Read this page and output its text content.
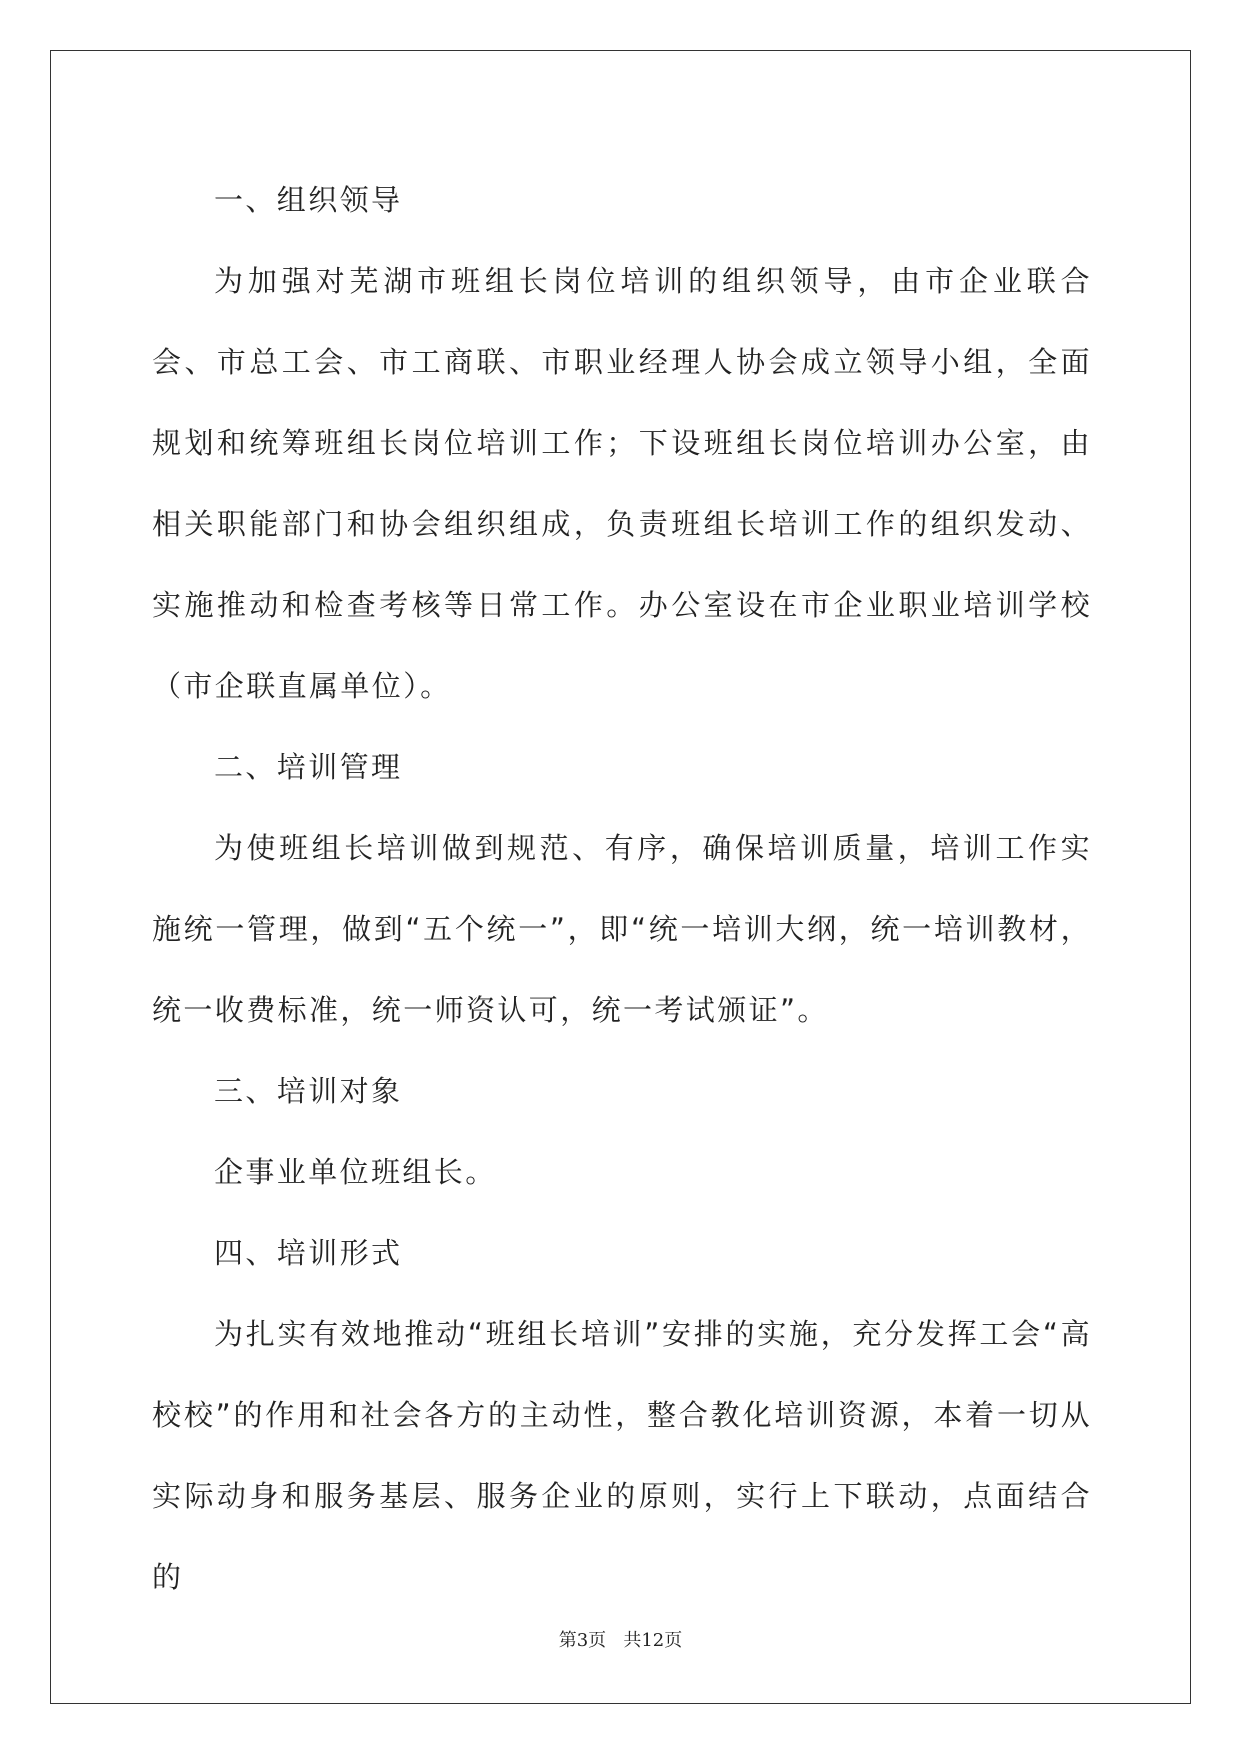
一、组织领导

为加强对芜湖市班组长岗位培训的组织领导，由市企业联合会、市总工会、市工商联、市职业经理人协会成立领导小组，全面规划和统筹班组长岗位培训工作；下设班组长岗位培训办公室，由相关职能部门和协会组织组成，负责班组长培训工作的组织发动、实施推动和检查考核等日常工作。办公室设在市企业职业培训学校（市企联直属单位）。

二、培训管理

为使班组长培训做到规范、有序，确保培训质量，培训工作实施统一管理，做到“五个统一”，即“统一培训大纲，统一培训教材，统一收费标准，统一师资认可，统一考试颁证”。

三、培训对象

企事业单位班组长。

四、培训形式

为扎实有效地推动“班组长培训”安排的实施，充分发挥工会“高校校”的作用和社会各方的主动性，整合教化培训资源，本着一切从实际动身和服务基层、服务企业的原则，实行上下联动，点面结合的

第3页   共12页
